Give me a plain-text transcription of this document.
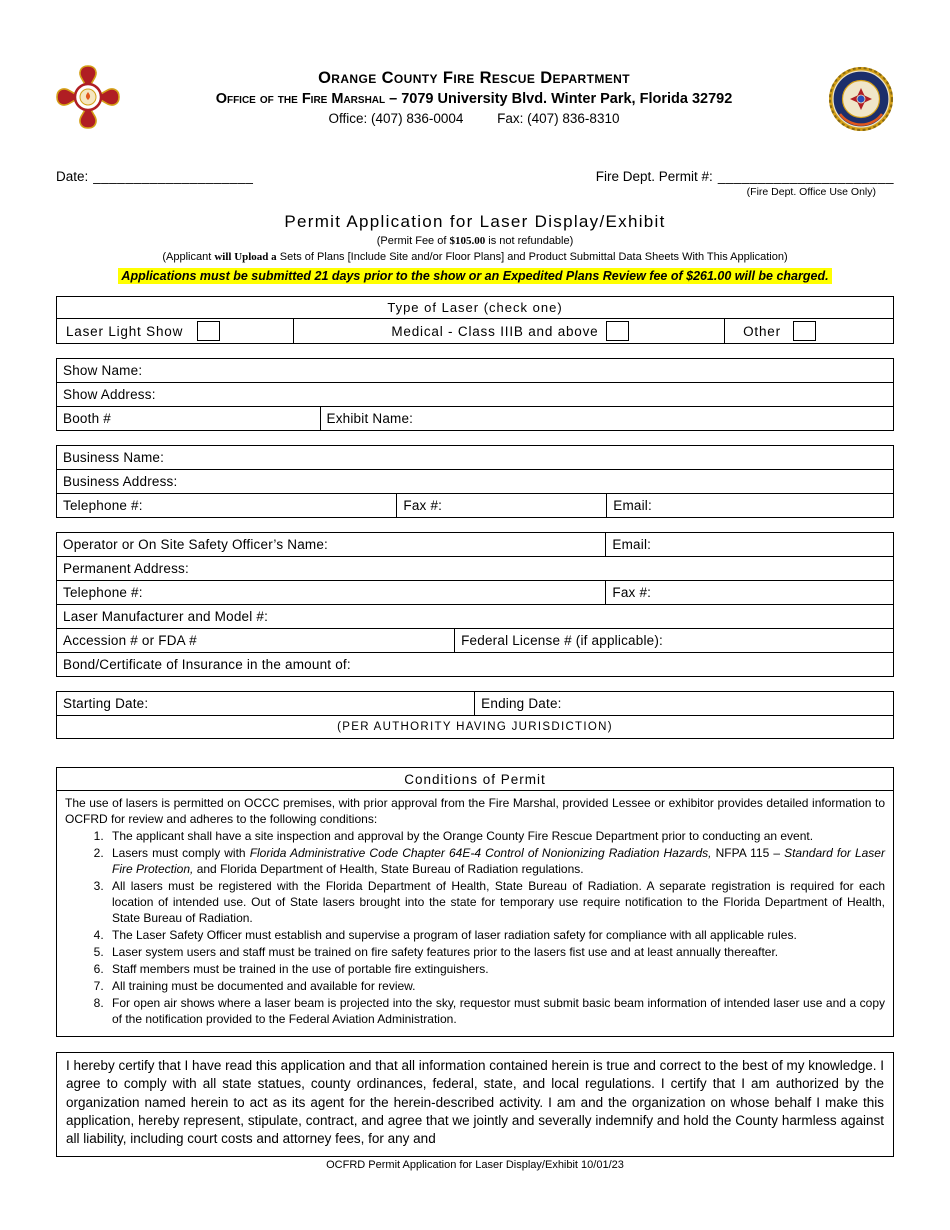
Orange County Fire Rescue Department
Office of the Fire Marshal – 7079 University Blvd. Winter Park, Florida 32792
Office: (407) 836-0004	Fax: (407) 836-8310
Date: ____________________	Fire Dept. Permit #: ______________________
(Fire Dept. Office Use Only)
Permit Application for Laser Display/Exhibit
(Permit Fee of $105.00 is not refundable)
(Applicant will Upload a Sets of Plans [Include Site and/or Floor Plans] and Product Submittal Data Sheets With This Application)
Applications must be submitted 21 days prior to the show or an Expedited Plans Review fee of $261.00 will be charged.
Type of Laser (check one)
Laser Light Show	Medical - Class IIIB and above	Other
Show Name:
Show Address:
Booth #	Exhibit Name:
Business Name:
Business Address:
Telephone #:	Fax #:	Email:
Operator or On Site Safety Officer’s Name:	Email:
Permanent Address:
Telephone #:	Fax #:
Laser Manufacturer and Model #:
Accession # or FDA #	Federal License # (if applicable):
Bond/Certificate of Insurance in the amount of:
Starting Date:	Ending Date:
(PER AUTHORITY HAVING JURISDICTION)
Conditions of Permit

The use of lasers is permitted on OCCC premises, with prior approval from the Fire Marshal, provided Lessee or exhibitor provides detailed information to OCFRD for review and adheres to the following conditions:

1. The applicant shall have a site inspection and approval by the Orange County Fire Rescue Department prior to conducting an event.
2. Lasers must comply with Florida Administrative Code Chapter 64E-4 Control of Nonionizing Radiation Hazards, NFPA 115 – Standard for Laser Fire Protection, and Florida Department of Health, State Bureau of Radiation regulations.
3. All lasers must be registered with the Florida Department of Health, State Bureau of Radiation. A separate registration is required for each location of intended use. Out of State lasers brought into the state for temporary use require notification to the Florida Department of Health, State Bureau of Radiation.
4. The Laser Safety Officer must establish and supervise a program of laser radiation safety for compliance with all applicable rules.
5. Laser system users and staff must be trained on fire safety features prior to the lasers fist use and at least annually thereafter.
6. Staff members must be trained in the use of portable fire extinguishers.
7. All training must be documented and available for review.
8. For open air shows where a laser beam is projected into the sky, requestor must submit basic beam information of intended laser use and a copy of the notification provided to the Federal Aviation Administration.

I hereby certify that I have read this application and that all information contained herein is true and correct to the best of my knowledge. I agree to comply with all state statues, county ordinances, federal, state, and local regulations. I certify that I am authorized by the organization named herein to act as its agent for the herein-described activity. I am and the organization on whose behalf I make this application, hereby represent, stipulate, contract, and agree that we jointly and severally indemnify and hold the County harmless against all liability, including court costs and attorney fees, for any and

OCFRD Permit Application for Laser Display/Exhibit 10/01/23
